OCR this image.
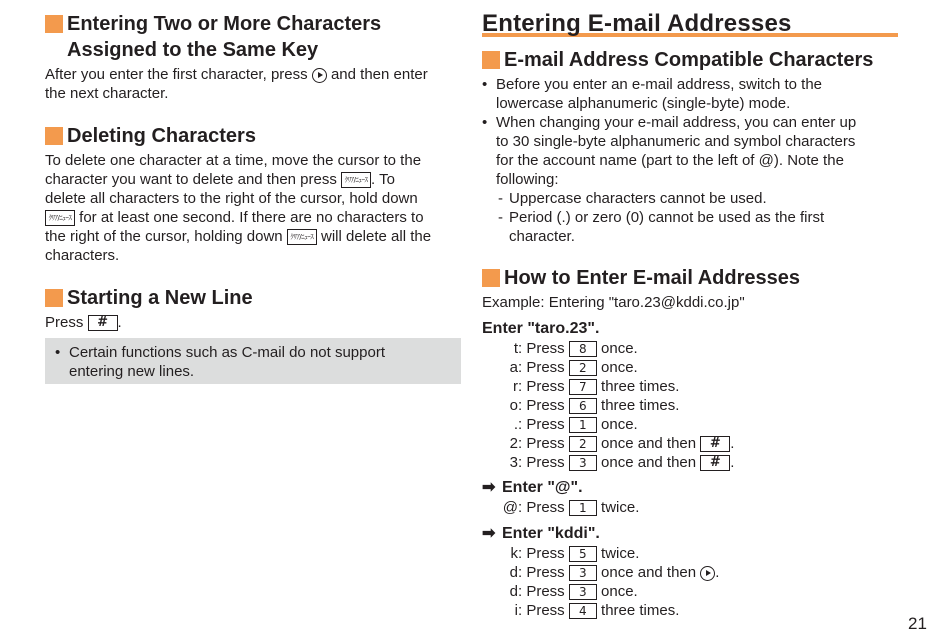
Entering Two or More Characters
Assigned to the Same Key

After you enter the first character, press and then enter
the next character.

Deleting Characters

To delete one character at a time, move the cursor to the
character you want to delete and then press ｸﾘｱ/ﾆｭｰｽ . To
delete all characters to the right of the cursor, hold down
ｸﾘｱ/ﾆｭｰｽ for at least one second. If there are no characters to
the right of the cursor, holding down ｸﾘｱ/ﾆｭｰｽ will delete all the
characters.

Starting a New Line

Press # .

• Certain functions such as C-mail do not support
entering new lines.

Entering E-mail Addresses
E-mail Address Compatible Characters

• Before you enter an e-mail address, switch to the
lowercase alphanumeric (single-byte) mode.

• When changing your e-mail address, you can enter up
to 30 single-byte alphanumeric and symbol characters
for the account name (part to the left of @). Note the
following:

- Uppercase characters cannot be used.

- Period (.) or zero (0) cannot be used as the first
character.

How to Enter E-mail Addresses

Example: Entering "taro.23@kddi.co.jp"

Enter "taro.23".

t: Press 8 once.
a: Press 2 once.
r: Press 7 three times.
o: Press 6 three times.
.: Press 1 once.
2: Press 2 once and then # .
3: Press 3 once and then # .

➡ Enter "@".

@: Press 1 twice.

➡ Enter "kddi".

k: Press 5 twice.
d: Press 3 once and then .
d: Press 3 once.
i: Press 4 three times.
21
